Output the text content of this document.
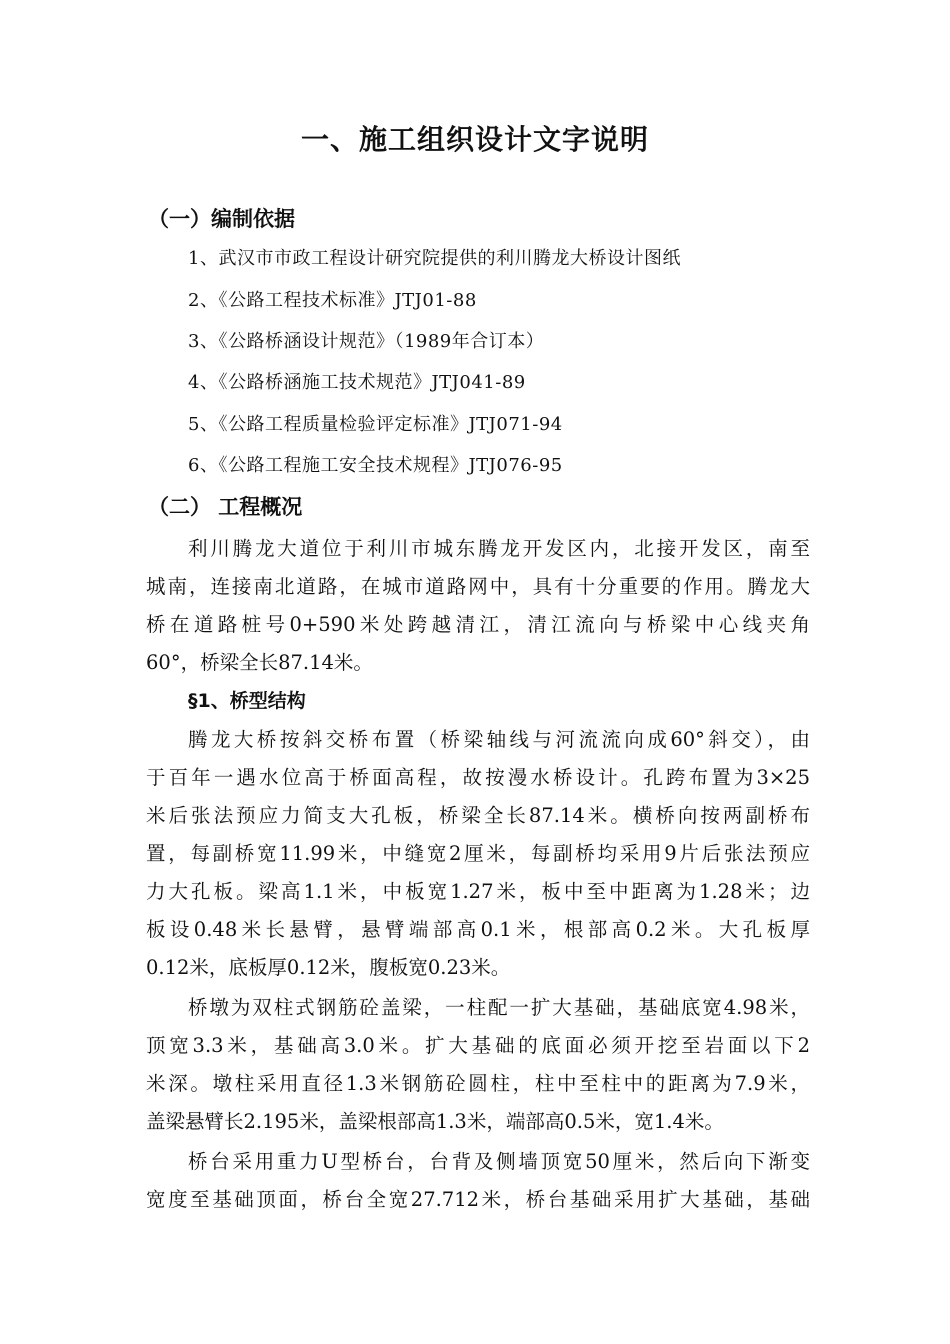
一、施工组织设计文字说明
（一）编制依据

1、武汉市市政工程设计研究院提供的利川腾龙大桥设计图纸

2、《公路工程技术标准》JTJ01-88

3、《公路桥涵设计规范》（1989年合订本）

4、《公路桥涵施工技术规范》JTJ041-89

5、《公路工程质量检验评定标准》JTJ071-94

6、《公路工程施工安全技术规程》JTJ076-95

（二） 工程概况

利川腾龙大道位于利川市城东腾龙开发区内，北接开发区，南至

城南，连接南北道路，在城市道路网中，具有十分重要的作用。腾龙大

桥在道路桩号0+590米处跨越清江，清江流向与桥梁中心线夹角

60°，桥梁全长87.14米。

§1、桥型结构

腾龙大桥按斜交桥布置（桥梁轴线与河流流向成60°斜交），由

于百年一遇水位高于桥面高程，故按漫水桥设计。孔跨布置为3×25

米后张法预应力简支大孔板，桥梁全长87.14米。横桥向按两副桥布

置，每副桥宽11.99米，中缝宽2厘米，每副桥均采用9片后张法预应

力大孔板。梁高1.1米，中板宽1.27米，板中至中距离为1.28米；边

板设0.48米长悬臂，悬臂端部高0.1米，根部高0.2米。大孔板厚

0.12米，底板厚0.12米，腹板宽0.23米。

桥墩为双柱式钢筋砼盖梁，一柱配一扩大基础，基础底宽4.98米，

顶宽3.3米，基础高3.0米。扩大基础的底面必须开挖至岩面以下2

米深。墩柱采用直径1.3米钢筋砼圆柱，柱中至柱中的距离为7.9米，

盖梁悬臂长2.195米，盖梁根部高1.3米，端部高0.5米，宽1.4米。

桥台采用重力U型桥台，台背及侧墙顶宽50厘米，然后向下渐变

宽度至基础顶面，桥台全宽27.712米，桥台基础采用扩大基础，基础
